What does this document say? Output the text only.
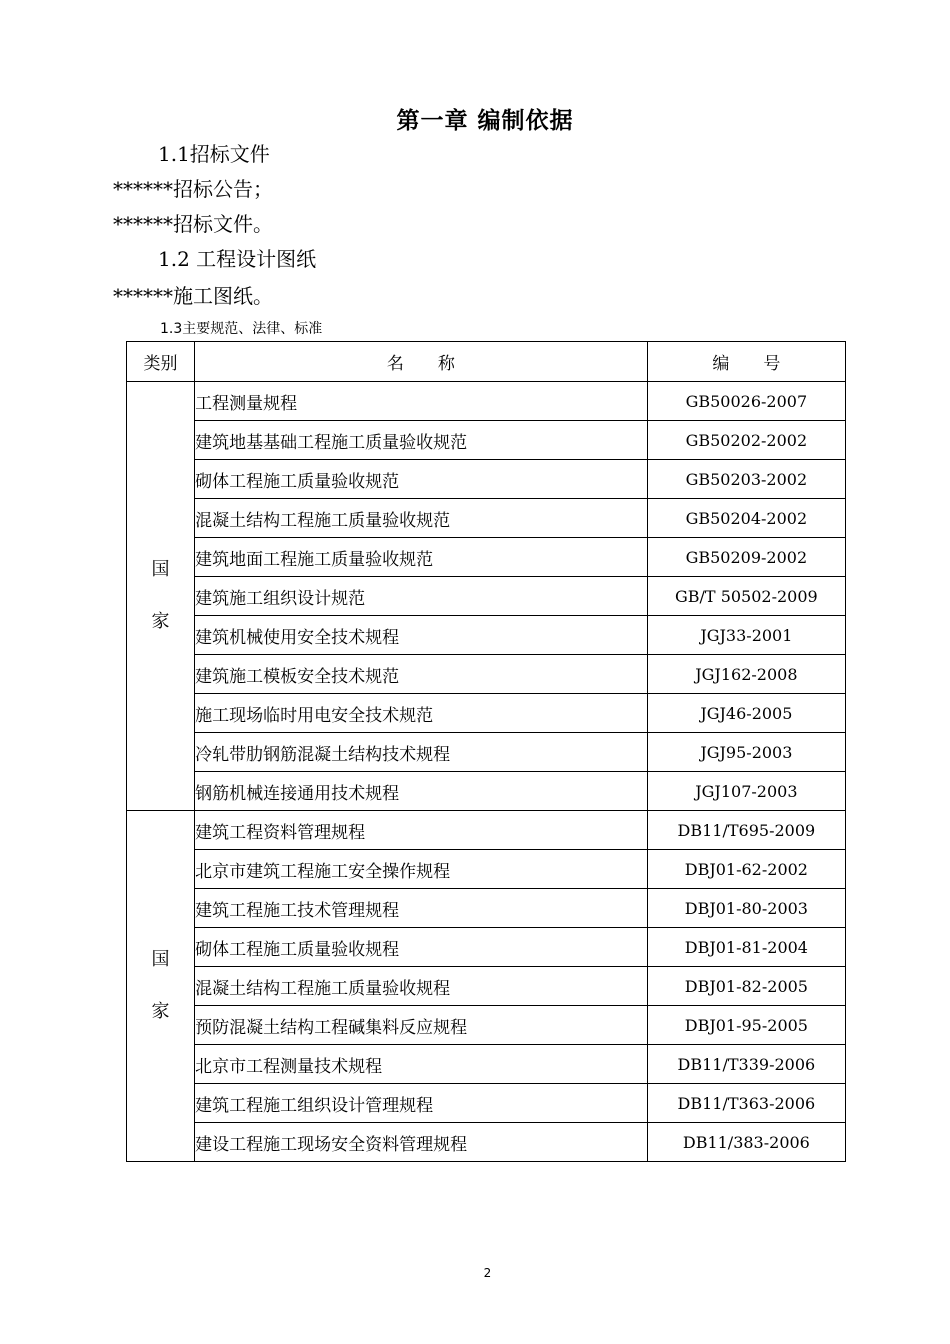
第一章 编制依据
1.1招标文件
******招标公告；
******招标文件。
1.2 工程设计图纸
******施工图纸。
1.3主要规范、法律、标准
类别	名　　称	编　　号

国
家	工程测量规程	GB50026-2007
	建筑地基基础工程施工质量验收规范	GB50202-2002
	砌体工程施工质量验收规范	GB50203-2002
	混凝土结构工程施工质量验收规范	GB50204-2002
	建筑地面工程施工质量验收规范	GB50209-2002
	建筑施工组织设计规范	GB/T 50502-2009
	建筑机械使用安全技术规程	JGJ33-2001
	建筑施工模板安全技术规范	JGJ162-2008
	施工现场临时用电安全技术规范	JGJ46-2005
	冷轧带肋钢筋混凝土结构技术规程	JGJ95-2003
	钢筋机械连接通用技术规程	JGJ107-2003

国
家	建筑工程资料管理规程	DB11/T695-2009
	北京市建筑工程施工安全操作规程	DBJ01-62-2002
	建筑工程施工技术管理规程	DBJ01-80-2003
	砌体工程施工质量验收规程	DBJ01-81-2004
	混凝土结构工程施工质量验收规程	DBJ01-82-2005
	预防混凝土结构工程碱集料反应规程	DBJ01-95-2005
	北京市工程测量技术规程	DB11/T339-2006
	建筑工程施工组织设计管理规程	DB11/T363-2006
	建设工程施工现场安全资料管理规程	DB11/383-2006
2
